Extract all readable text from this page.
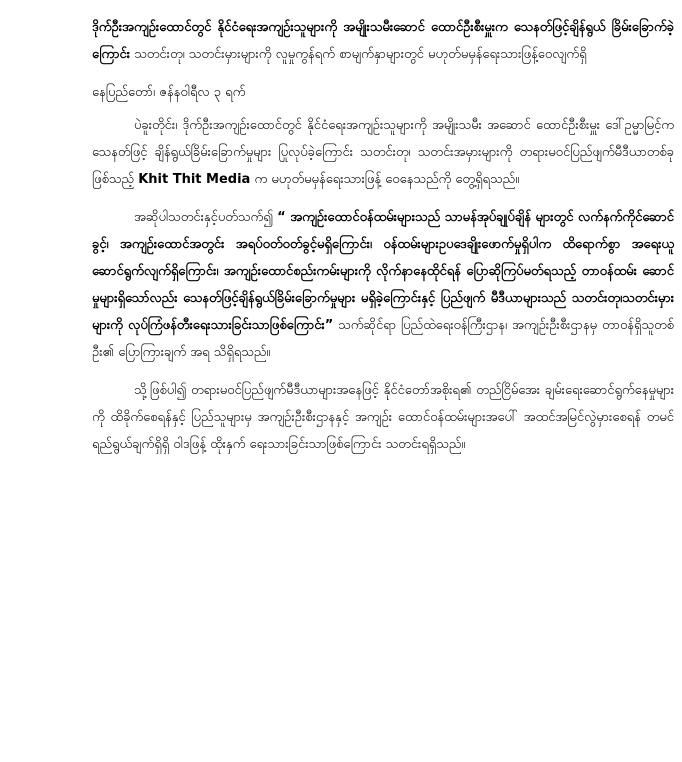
ဒိုက်ဦးအကျဉ်းထောင်တွင် နိုင်ငံရေးအကျဉ်းသူများကို အမျိုးသမီးဆောင် ထောင်ဦးစီးမှူးက သေနတ်ဖြင့်ချိန်ရွယ် ခြိမ်းခြောက်ခဲ့ကြောင်း သတင်းတု၊ သတင်းမှားများကို လူမှုကွန်ရက် စာမျက်နှာများတွင် မဟုတ်မမှန်ရေးသားဖြန့်ဝေလျက်ရှိ

နေပြည်တော်၊ ဇန်နဝါရီလ ၃ ရက်

ပဲခူးတိုင်း၊ ဒိုက်ဦးအကျဉ်းထောင်တွင် နိုင်ငံရေးအကျဉ်းသူများကို အမျိုးသမီး အဆောင် ထောင်ဦးစီးမှူး ဒေါ်ဥမ္မာမြင့်က သေနတ်ဖြင့် ချိန်ရွယ်ခြိမ်းခြောက်မှုများ ပြုလုပ်ခဲ့ကြောင်း သတင်းတု၊ သတင်းအမှားများကို တရားမဝင်ပြည်ဖျက်မီဒီယာတစ်ခုဖြစ်သည့် Khit Thit Media က မဟုတ်မမှန်ရေးသားဖြန့် ဝေနေသည်ကို တွေ့ရှိရသည်။

အဆိုပါသတင်းနှင့်ပတ်သက်၍ “ အကျဉ်းထောင်ဝန်ထမ်းများသည် သာမန်အုပ်ချုပ်ချိန် များတွင် လက်နက်ကိုင်ဆောင်ခွင့်၊ အကျဉ်းထောင်အတွင်း အရပ်ဝတ်ဝတ်ခွင့်မရှိကြောင်း၊ ဝန်ထမ်းများဥပဒေချိုးဖောက်မှုရှိပါက ထိရောက်စွာ အရေးယူဆောင်ရွက်လျက်ရှိကြောင်း၊ အကျဉ်းထောင်စည်းကမ်းများကို လိုက်နာနေထိုင်ရန် ပြောဆိုကြပ်မတ်ရသည့် တာဝန်ထမ်း ဆောင်မှုများရှိသော်လည်း သေနတ်ဖြင့်ချိန်ရွယ်ခြိမ်းခြောက်မှုများ မရှိခဲ့ကြောင်းနှင့် ပြည်ဖျက် မီဒီယာများသည် သတင်းတု၊သတင်းမှားများကို လုပ်ကြံဖန်တီးရေးသားခြင်းသာဖြစ်ကြောင်း” သက်ဆိုင်ရာ ပြည်ထဲရေးဝန်ကြီးဌာန၊ အကျဉ်းဦးစီးဌာနမှ တာဝန်ရှိသူတစ်ဦး၏ ပြောကြားချက် အရ သိရှိရသည်။

သို့ဖြစ်ပါ၍ တရားမဝင်ပြည်ဖျက်မီဒီယာများအနေဖြင့် နိုင်ငံတော်အစိုးရ၏ တည်ငြိမ်အေး ချမ်းရေးဆောင်ရွက်နေမှုများကို ထိခိုက်စေရန်နှင့် ပြည်သူများမှ အကျဉ်းဦးစီးဌာနနှင့် အကျဉ်း ထောင်ဝန်ထမ်းများအပေါ် အထင်အမြင်လွဲမှားစေရန် တမင်ရည်ရွယ်ချက်ရှိရှိ ဝါဒဖြန့် ထိုးနှက် ရေးသားခြင်းသာဖြစ်ကြောင်း သတင်းရရှိသည်။
